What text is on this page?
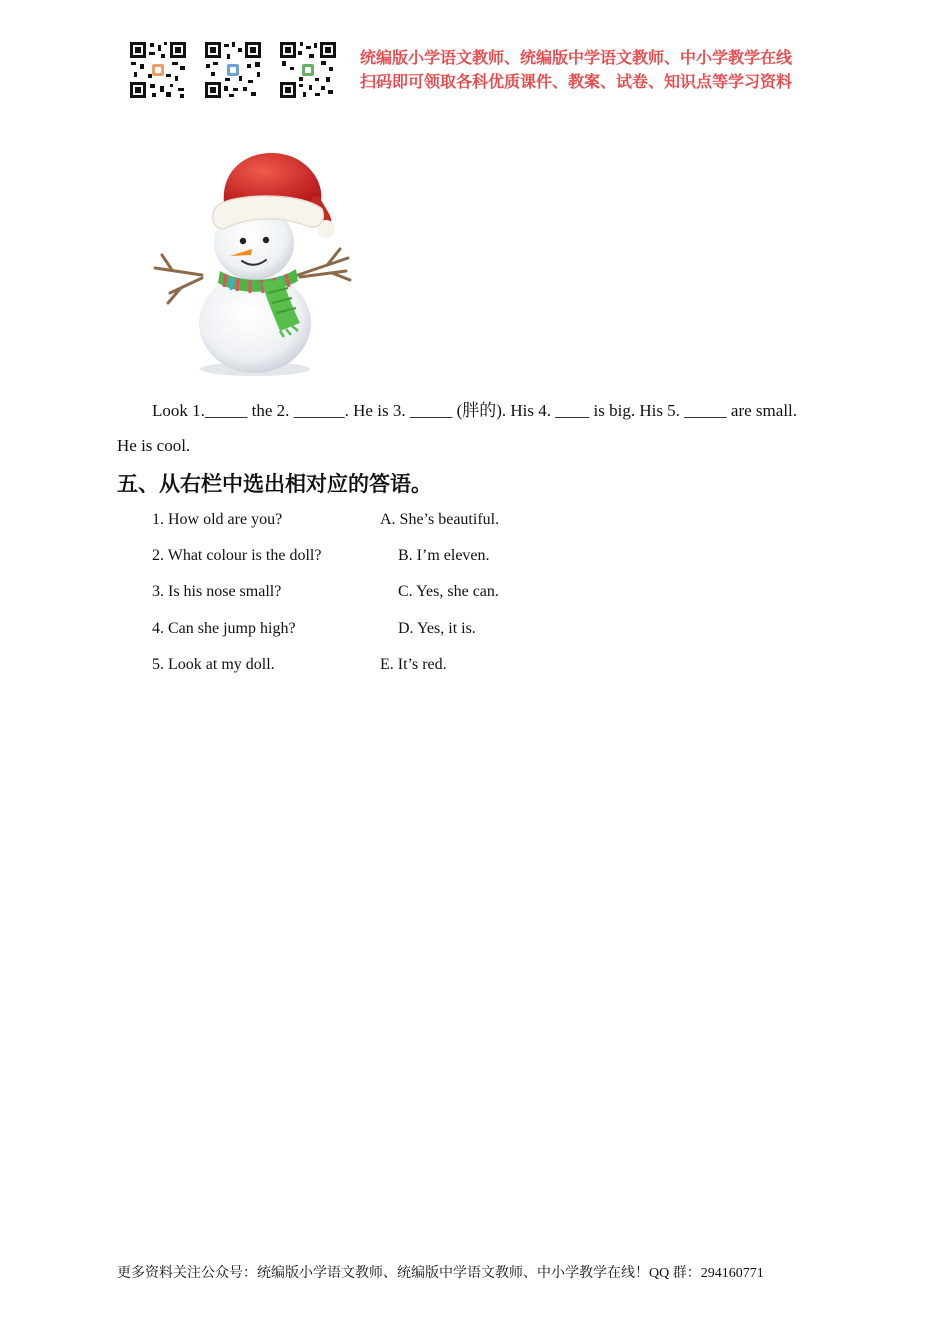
统编版小学语文教师、统编版中学语文教师、中小学教学在线
扫码即可领取各科优质课件、教案、试卷、知识点等学习资料
Look 1._____ the 2. ______. He is 3. _____ (胖的). His 4. ____ is big. His 5. _____ are small.
He is cool.
五、从右栏中选出相对应的答语。
1. How old are you?
2. What colour is the doll?
3. Is his nose small?
4. Can she jump high?
5. Look at my doll.
A. She’s beautiful.
B. I’m eleven.
C. Yes, she can.
D. Yes, it is.
E. It’s red.
更多资料关注公众号：统编版小学语文教师、统编版中学语文教师、中小学教学在线！QQ 群：294160771
